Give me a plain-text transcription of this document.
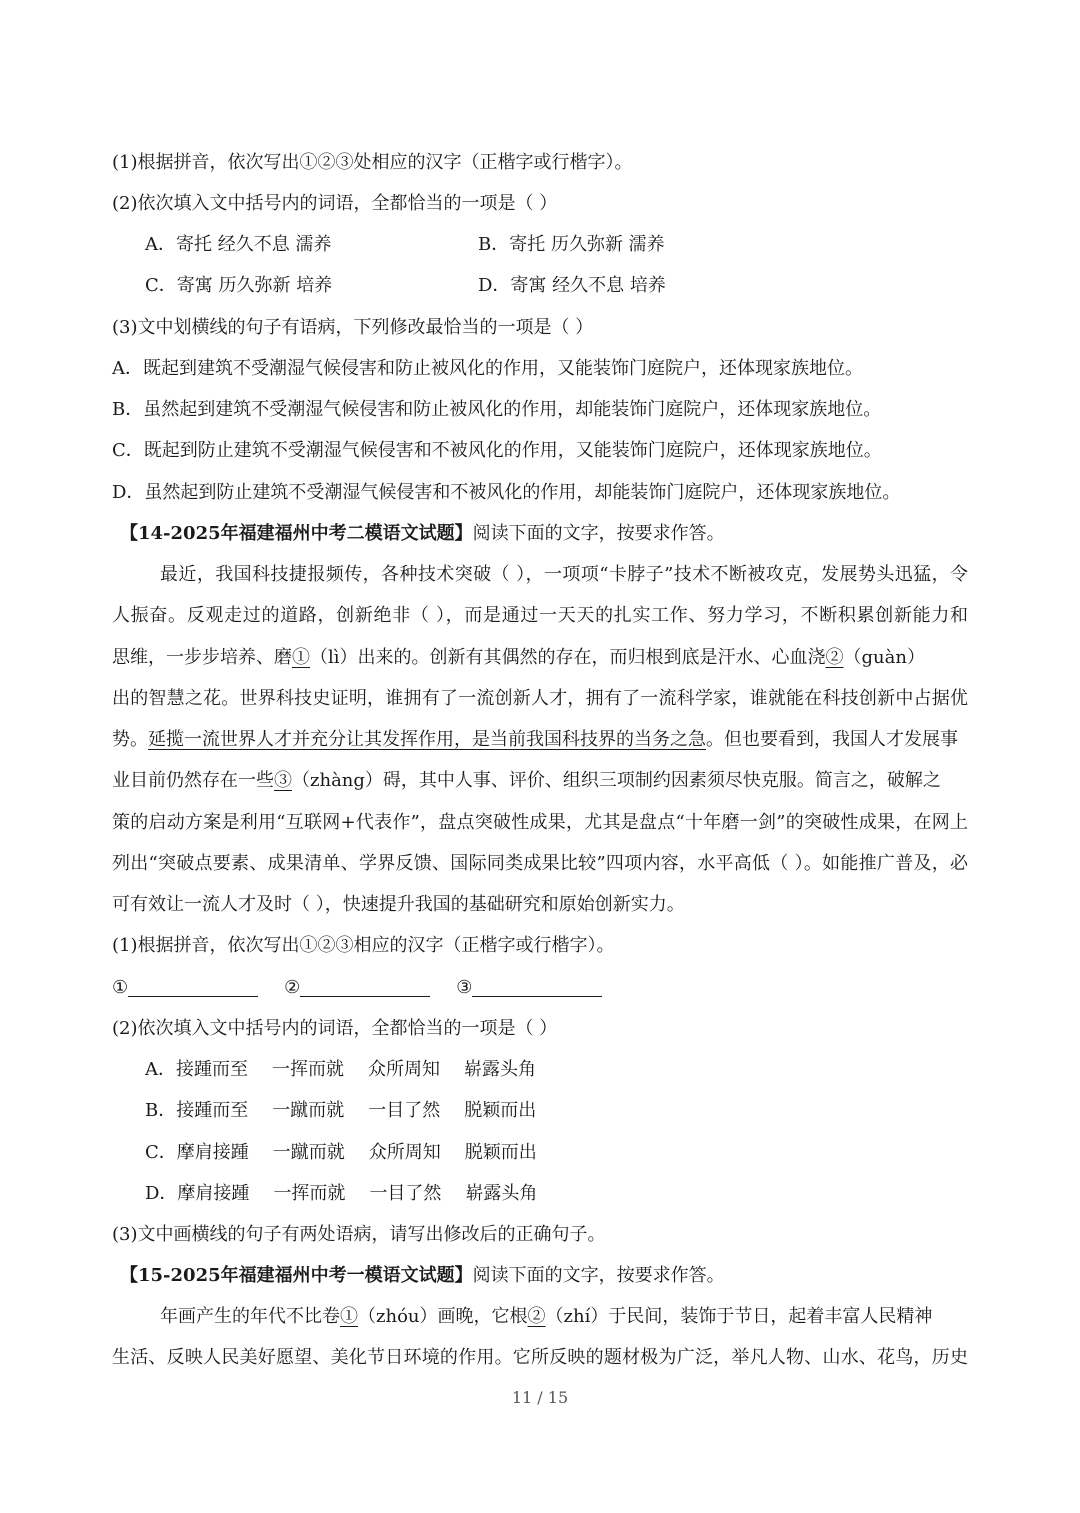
(1)根据拼音，依次写出①②③处相应的汉字（正楷字或行楷字）。
(2)依次填入文中括号内的词语，全都恰当的一项是（ ）
A．寄托 经久不息 濡养	B．寄托 历久弥新 濡养
C．寄寓 历久弥新 培养	D．寄寓 经久不息 培养
(3)文中划横线的句子有语病，下列修改最恰当的一项是（ ）
A．既起到建筑不受潮湿气候侵害和防止被风化的作用，又能装饰门庭院户，还体现家族地位。
B．虽然起到建筑不受潮湿气候侵害和防止被风化的作用，却能装饰门庭院户，还体现家族地位。
C．既起到防止建筑不受潮湿气候侵害和不被风化的作用，又能装饰门庭院户，还体现家族地位。
D．虽然起到防止建筑不受潮湿气候侵害和不被风化的作用，却能装饰门庭院户，还体现家族地位。
【14-2025年福建福州中考二模语文试题】阅读下面的文字，按要求作答。
最近，我国科技捷报频传，各种技术突破（ ），一项项“卡脖子”技术不断被攻克，发展势头迅猛，令
人振奋。反观走过的道路，创新绝非（ ），而是通过一天天的扎实工作、努力学习，不断积累创新能力和
思维，一步步培养、磨①（lì）出来的。创新有其偶然的存在，而归根到底是汗水、心血浇②（guàn）
出的智慧之花。世界科技史证明，谁拥有了一流创新人才，拥有了一流科学家，谁就能在科技创新中占据优
势。延揽一流世界人才并充分让其发挥作用，是当前我国科技界的当务之急。但也要看到，我国人才发展事
业目前仍然存在一些③（zhàng）碍，其中人事、评价、组织三项制约因素须尽快克服。简言之，破解之
策的启动方案是利用“互联网+代表作”，盘点突破性成果，尤其是盘点“十年磨一剑”的突破性成果，在网上
列出“突破点要素、成果清单、学界反馈、国际同类成果比较”四项内容，水平高低（ ）。如能推广普及，必
可有效让一流人才及时（ ），快速提升我国的基础研究和原始创新实力。
(1)根据拼音，依次写出①②③相应的汉字（正楷字或行楷字）。
①	②	③
(2)依次填入文中括号内的词语，全都恰当的一项是（ ）
A．接踵而至 一挥而就 众所周知 崭露头角
B．接踵而至 一蹴而就 一目了然 脱颖而出
C．摩肩接踵 一蹴而就 众所周知 脱颖而出
D．摩肩接踵 一挥而就 一目了然 崭露头角
(3)文中画横线的句子有两处语病，请写出修改后的正确句子。
【15-2025年福建福州中考一模语文试题】阅读下面的文字，按要求作答。
年画产生的年代不比卷①（zhóu）画晚，它根②（zhí）于民间，装饰于节日，起着丰富人民精神
生活、反映人民美好愿望、美化节日环境的作用。它所反映的题材极为广泛，举凡人物、山水、花鸟，历史
11 / 15
